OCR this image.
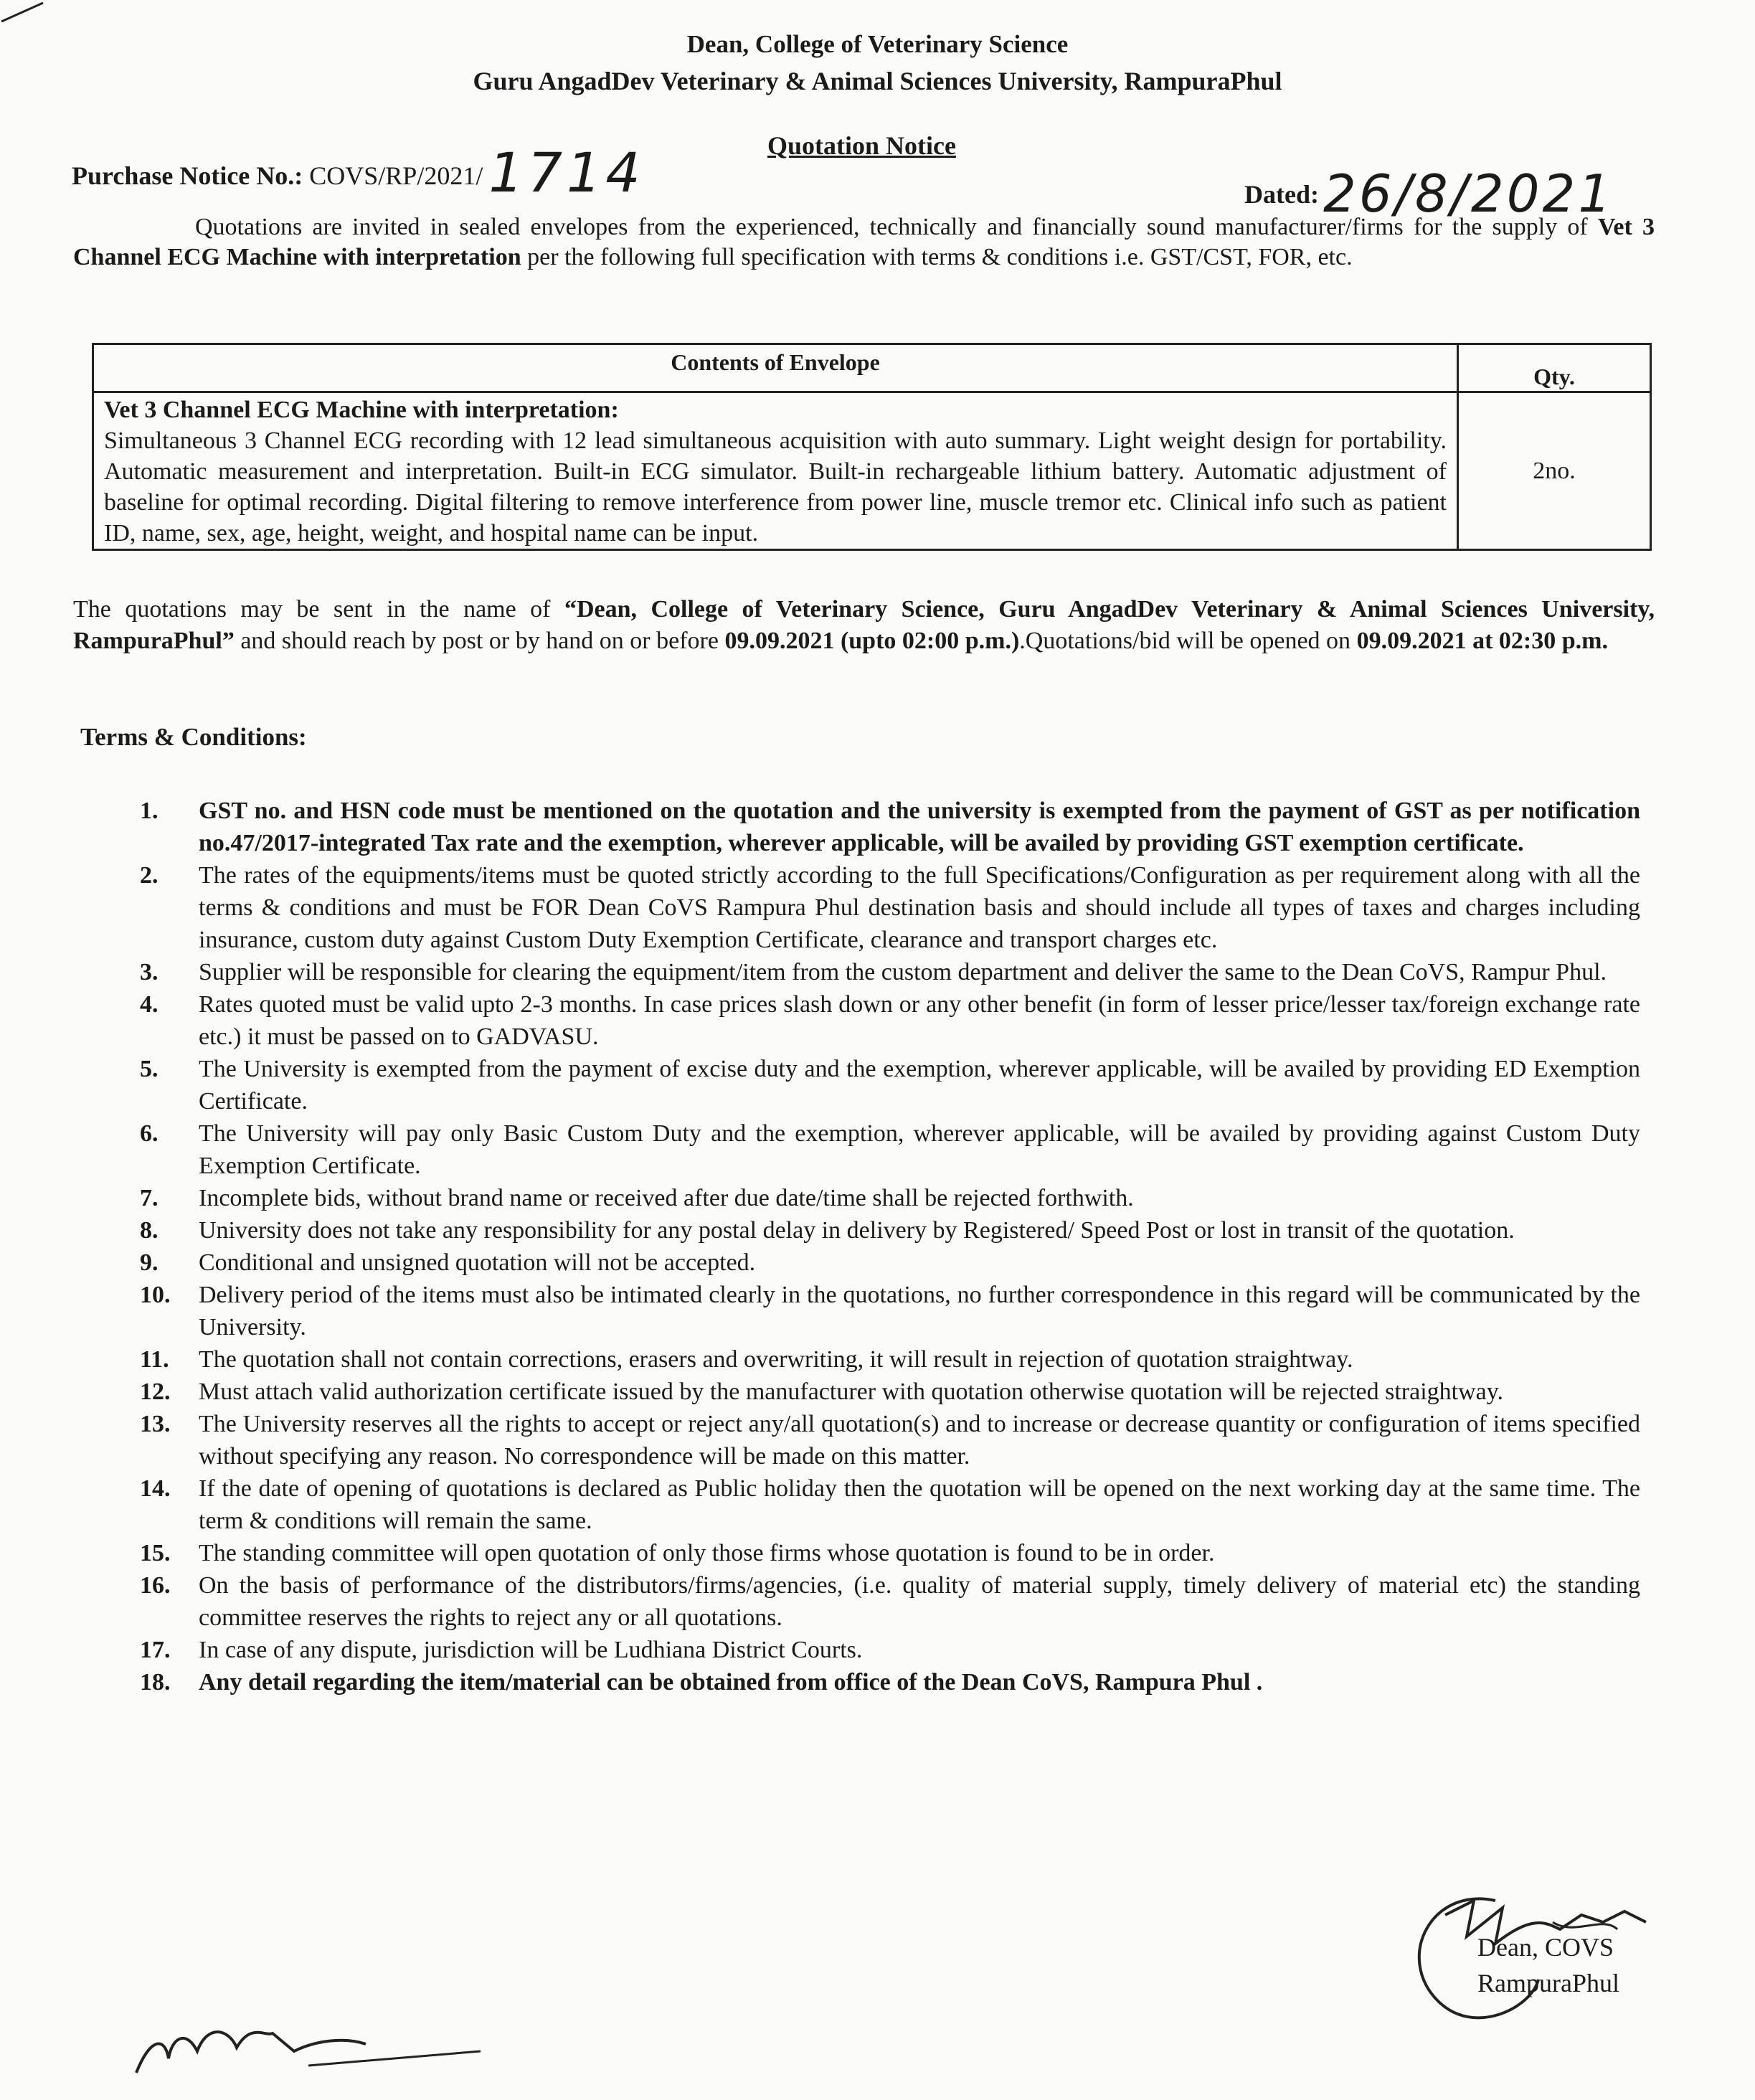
Dean, College of Veterinary Science
Guru AngadDev Veterinary & Animal Sciences University, RampuraPhul
Purchase Notice No.: COVS/RP/2021/ 1714	Quotation Notice
Dated:26/8/2021
Quotations are invited in sealed envelopes from the experienced, technically and financially sound manufacturer/firms for the supply of Vet 3 Channel ECG Machine with interpretation per the following full specification with terms & conditions i.e. GST/CST, FOR, etc.
Contents of Envelope	Qty.

Vet 3 Channel ECG Machine with interpretation:
Simultaneous 3 Channel ECG recording with 12 lead simultaneous acquisition with auto summary. Light weight design for portability. Automatic measurement and interpretation. Built-in ECG simulator. Built-in rechargeable lithium battery. Automatic adjustment of baseline for optimal recording. Digital filtering to remove interference from power line, muscle tremor etc. Clinical info such as patient ID, name, sex, age, height, weight, and hospital name can be input.	2no.
The quotations may be sent in the name of “Dean, College of Veterinary Science, Guru AngadDev Veterinary & Animal Sciences University, RampuraPhul” and should reach by post or by hand on or before 09.09.2021 (upto 02:00 p.m.).Quotations/bid will be opened on 09.09.2021 at 02:30 p.m.
Terms & Conditions:
1. GST no. and HSN code must be mentioned on the quotation and the university is exempted from the payment of GST as per notification no.47/2017-integrated Tax rate and the exemption, wherever applicable, will be availed by providing GST exemption certificate.
2. The rates of the equipments/items must be quoted strictly according to the full Specifications/Configuration as per requirement along with all the terms & conditions and must be FOR Dean CoVS Rampura Phul destination basis and should include all types of taxes and charges including insurance, custom duty against Custom Duty Exemption Certificate, clearance and transport charges etc.
3. Supplier will be responsible for clearing the equipment/item from the custom department and deliver the same to the Dean CoVS, Rampur Phul.
4. Rates quoted must be valid upto 2-3 months. In case prices slash down or any other benefit (in form of lesser price/lesser tax/foreign exchange rate etc.) it must be passed on to GADVASU.
5. The University is exempted from the payment of excise duty and the exemption, wherever applicable, will be availed by providing ED Exemption Certificate.
6. The University will pay only Basic Custom Duty and the exemption, wherever applicable, will be availed by providing against Custom Duty Exemption Certificate.
7. Incomplete bids, without brand name or received after due date/time shall be rejected forthwith.
8. University does not take any responsibility for any postal delay in delivery by Registered/ Speed Post or lost in transit of the quotation.
9. Conditional and unsigned quotation will not be accepted.
10. Delivery period of the items must also be intimated clearly in the quotations, no further correspondence in this regard will be communicated by the University.
11. The quotation shall not contain corrections, erasers and overwriting, it will result in rejection of quotation straightway.
12. Must attach valid authorization certificate issued by the manufacturer with quotation otherwise quotation will be rejected straightway.
13. The University reserves all the rights to accept or reject any/all quotation(s) and to increase or decrease quantity or configuration of items specified without specifying any reason. No correspondence will be made on this matter.
14. If the date of opening of quotations is declared as Public holiday then the quotation will be opened on the next working day at the same time. The term & conditions will remain the same.
15. The standing committee will open quotation of only those firms whose quotation is found to be in order.
16. On the basis of performance of the distributors/firms/agencies, (i.e. quality of material supply, timely delivery of material etc) the standing committee reserves the rights to reject any or all quotations.
17. In case of any dispute, jurisdiction will be Ludhiana District Courts.
18. Any detail regarding the item/material can be obtained from office of the Dean CoVS, Rampura Phul .
Dean, COVS
RampuraPhul
